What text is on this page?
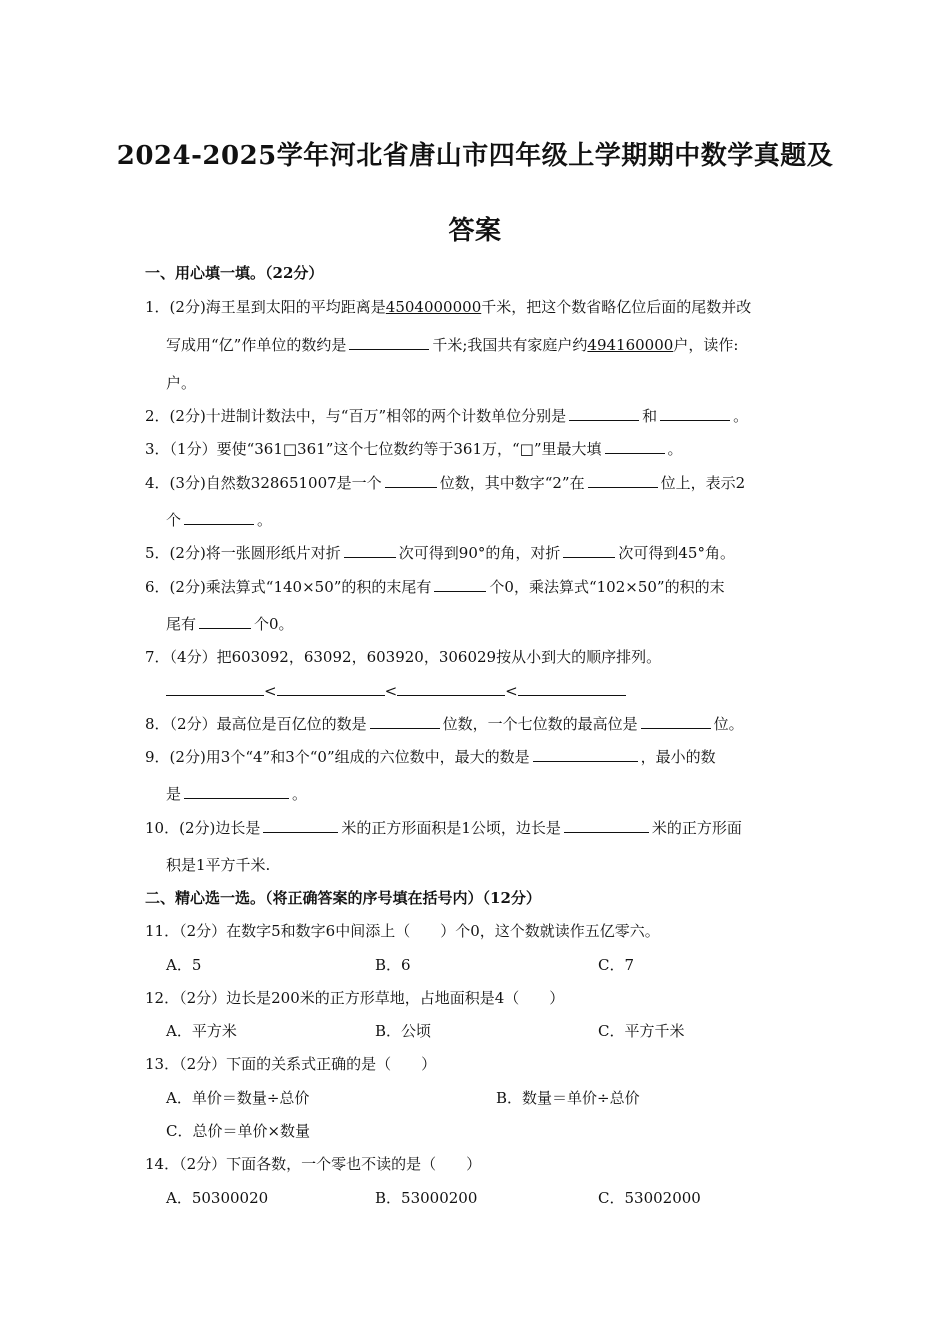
2024-2025学年河北省唐山市四年级上学期期中数学真题及
答案
一、用心填一填。（22分）
1．(2分)海王星到太阳的平均距离是4504000000千米，把这个数省略亿位后面的尾数并改
写成用“亿”作单位的数约是	千米;我国共有家庭户约494160000户，读作:
户。
2．(2分)十进制计数法中，与“百万”相邻的两个计数单位分别是	和	。
3．（1分）要使“361□361”这个七位数约等于361万，“□”里最大填	。
4．(3分)自然数328651007是一个	位数，其中数字“2”在	位上，表示2
个	。
5．(2分)将一张圆形纸片对折	次可得到90°的角，对折	次可得到45°角。
6．(2分)乘法算式“140×50”的积的末尾有	个0，乘法算式“102×50”的积的末
尾有	个0。
7．（4分）把603092，63092，603920，306029按从小到大的顺序排列。
<	<	<
8．（2分）最高位是百亿位的数是	位数，一个七位数的最高位是	位。
9．(2分)用3个“4”和3个“0”组成的六位数中，最大的数是	，最小的数
是	。
10．(2分)边长是	米的正方形面积是1公顷，边长是	米的正方形面
积是1平方千米.
二、精心选一选。（将正确答案的序号填在括号内）（12分）
11．（2分）在数字5和数字6中间添上（　　）个0，这个数就读作五亿零六。
A．5	B．6	C．7
12．（2分）边长是200米的正方形草地，占地面积是4（　　）
A．平方米	B．公顷	C．平方千米
13．（2分）下面的关系式正确的是（　　）
A．单价＝数量÷总价	B．数量＝单价÷总价
C．总价＝单价×数量
14．（2分）下面各数，一个零也不读的是（　　）
A．50300020	B．53000200	C．53002000
